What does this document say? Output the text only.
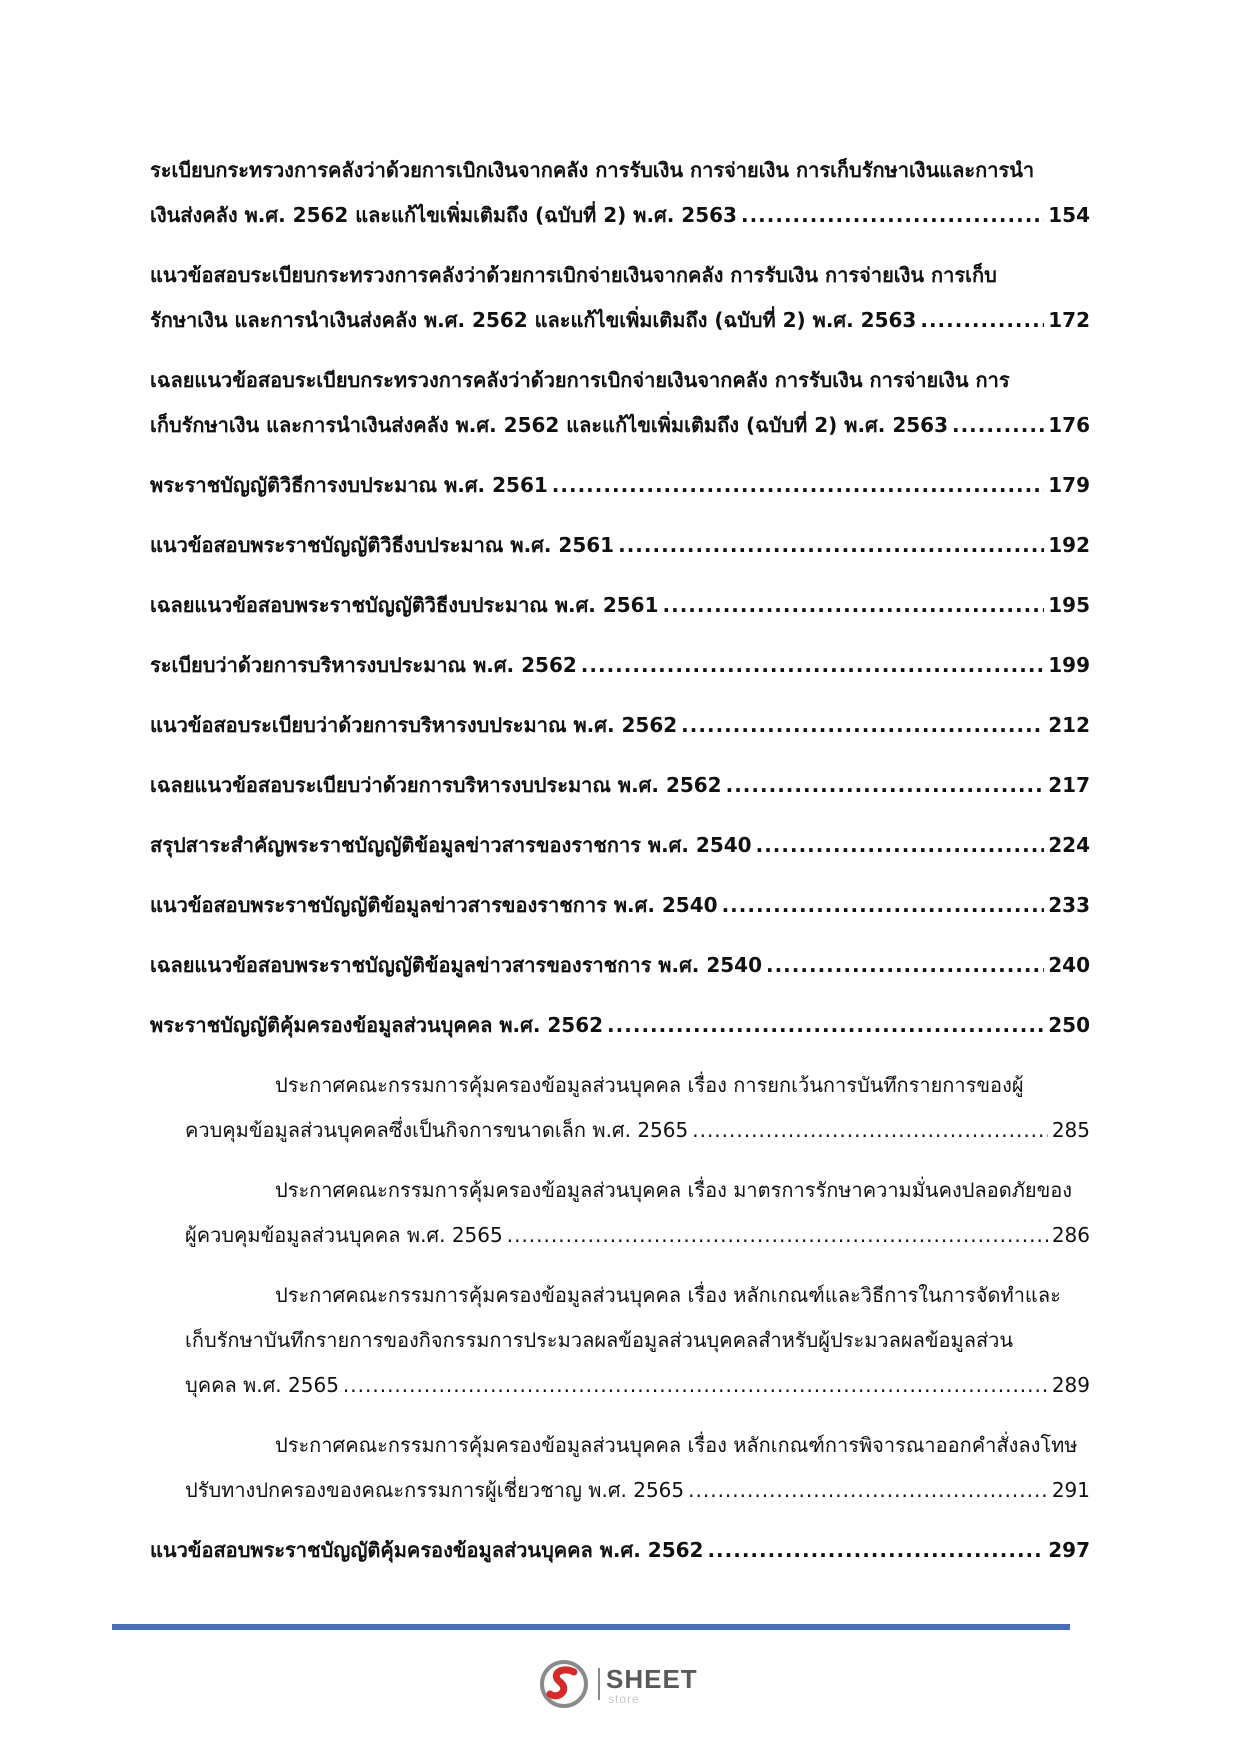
ระเบียบกระทรวงการคลังว่าด้วยการเบิกเงินจากคลัง การรับเงิน การจ่ายเงิน การเก็บรักษาเงินและการนำ
เงินส่งคลัง พ.ศ. 2562 และแก้ไขเพิ่มเติมถึง (ฉบับที่ 2) พ.ศ. 2563 .....	154
แนวข้อสอบระเบียบกระทรวงการคลังว่าด้วยการเบิกจ่ายเงินจากคลัง การรับเงิน การจ่ายเงิน การเก็บ
รักษาเงิน และการนำเงินส่งคลัง พ.ศ. 2562 และแก้ไขเพิ่มเติมถึง (ฉบับที่ 2) พ.ศ. 2563 .....	172
เฉลยแนวข้อสอบระเบียบกระทรวงการคลังว่าด้วยการเบิกจ่ายเงินจากคลัง การรับเงิน การจ่ายเงิน การ
เก็บรักษาเงิน และการนำเงินส่งคลัง พ.ศ. 2562 และแก้ไขเพิ่มเติมถึง (ฉบับที่ 2) พ.ศ. 2563 .....	176
พระราชบัญญัติวิธีการงบประมาณ พ.ศ. 2561 .....	179
แนวข้อสอบพระราชบัญญัติวิธีงบประมาณ พ.ศ. 2561 .....	192
เฉลยแนวข้อสอบพระราชบัญญัติวิธีงบประมาณ พ.ศ. 2561 .....	195
ระเบียบว่าด้วยการบริหารงบประมาณ พ.ศ. 2562 .....	199
แนวข้อสอบระเบียบว่าด้วยการบริหารงบประมาณ พ.ศ. 2562 .....	212
เฉลยแนวข้อสอบระเบียบว่าด้วยการบริหารงบประมาณ พ.ศ. 2562 .....	217
สรุปสาระสำคัญพระราชบัญญัติข้อมูลข่าวสารของราชการ พ.ศ. 2540 .....	224
แนวข้อสอบพระราชบัญญัติข้อมูลข่าวสารของราชการ พ.ศ. 2540 .....	233
เฉลยแนวข้อสอบพระราชบัญญัติข้อมูลข่าวสารของราชการ พ.ศ. 2540 .....	240
พระราชบัญญัติคุ้มครองข้อมูลส่วนบุคคล พ.ศ. 2562 .....	250
ประกาศคณะกรรมการคุ้มครองข้อมูลส่วนบุคคล เรื่อง การยกเว้นการบันทึกรายการของผู้
ควบคุมข้อมูลส่วนบุคคลซึ่งเป็นกิจการขนาดเล็ก พ.ศ. 2565 .....	285
ประกาศคณะกรรมการคุ้มครองข้อมูลส่วนบุคคล เรื่อง มาตรการรักษาความมั่นคงปลอดภัยของ
ผู้ควบคุมข้อมูลส่วนบุคคล พ.ศ. 2565 .....	286
ประกาศคณะกรรมการคุ้มครองข้อมูลส่วนบุคคล เรื่อง หลักเกณฑ์และวิธีการในการจัดทำและ
เก็บรักษาบันทึกรายการของกิจกรรมการประมวลผลข้อมูลส่วนบุคคลสำหรับผู้ประมวลผลข้อมูลส่วน
บุคคล พ.ศ. 2565 .....	289
ประกาศคณะกรรมการคุ้มครองข้อมูลส่วนบุคคล เรื่อง หลักเกณฑ์การพิจารณาออกคำสั่งลงโทษ
ปรับทางปกครองของคณะกรรมการผู้เชี่ยวชาญ พ.ศ. 2565 .....	291
แนวข้อสอบพระราชบัญญัติคุ้มครองข้อมูลส่วนบุคคล พ.ศ. 2562 .....	297
SHEET
store
